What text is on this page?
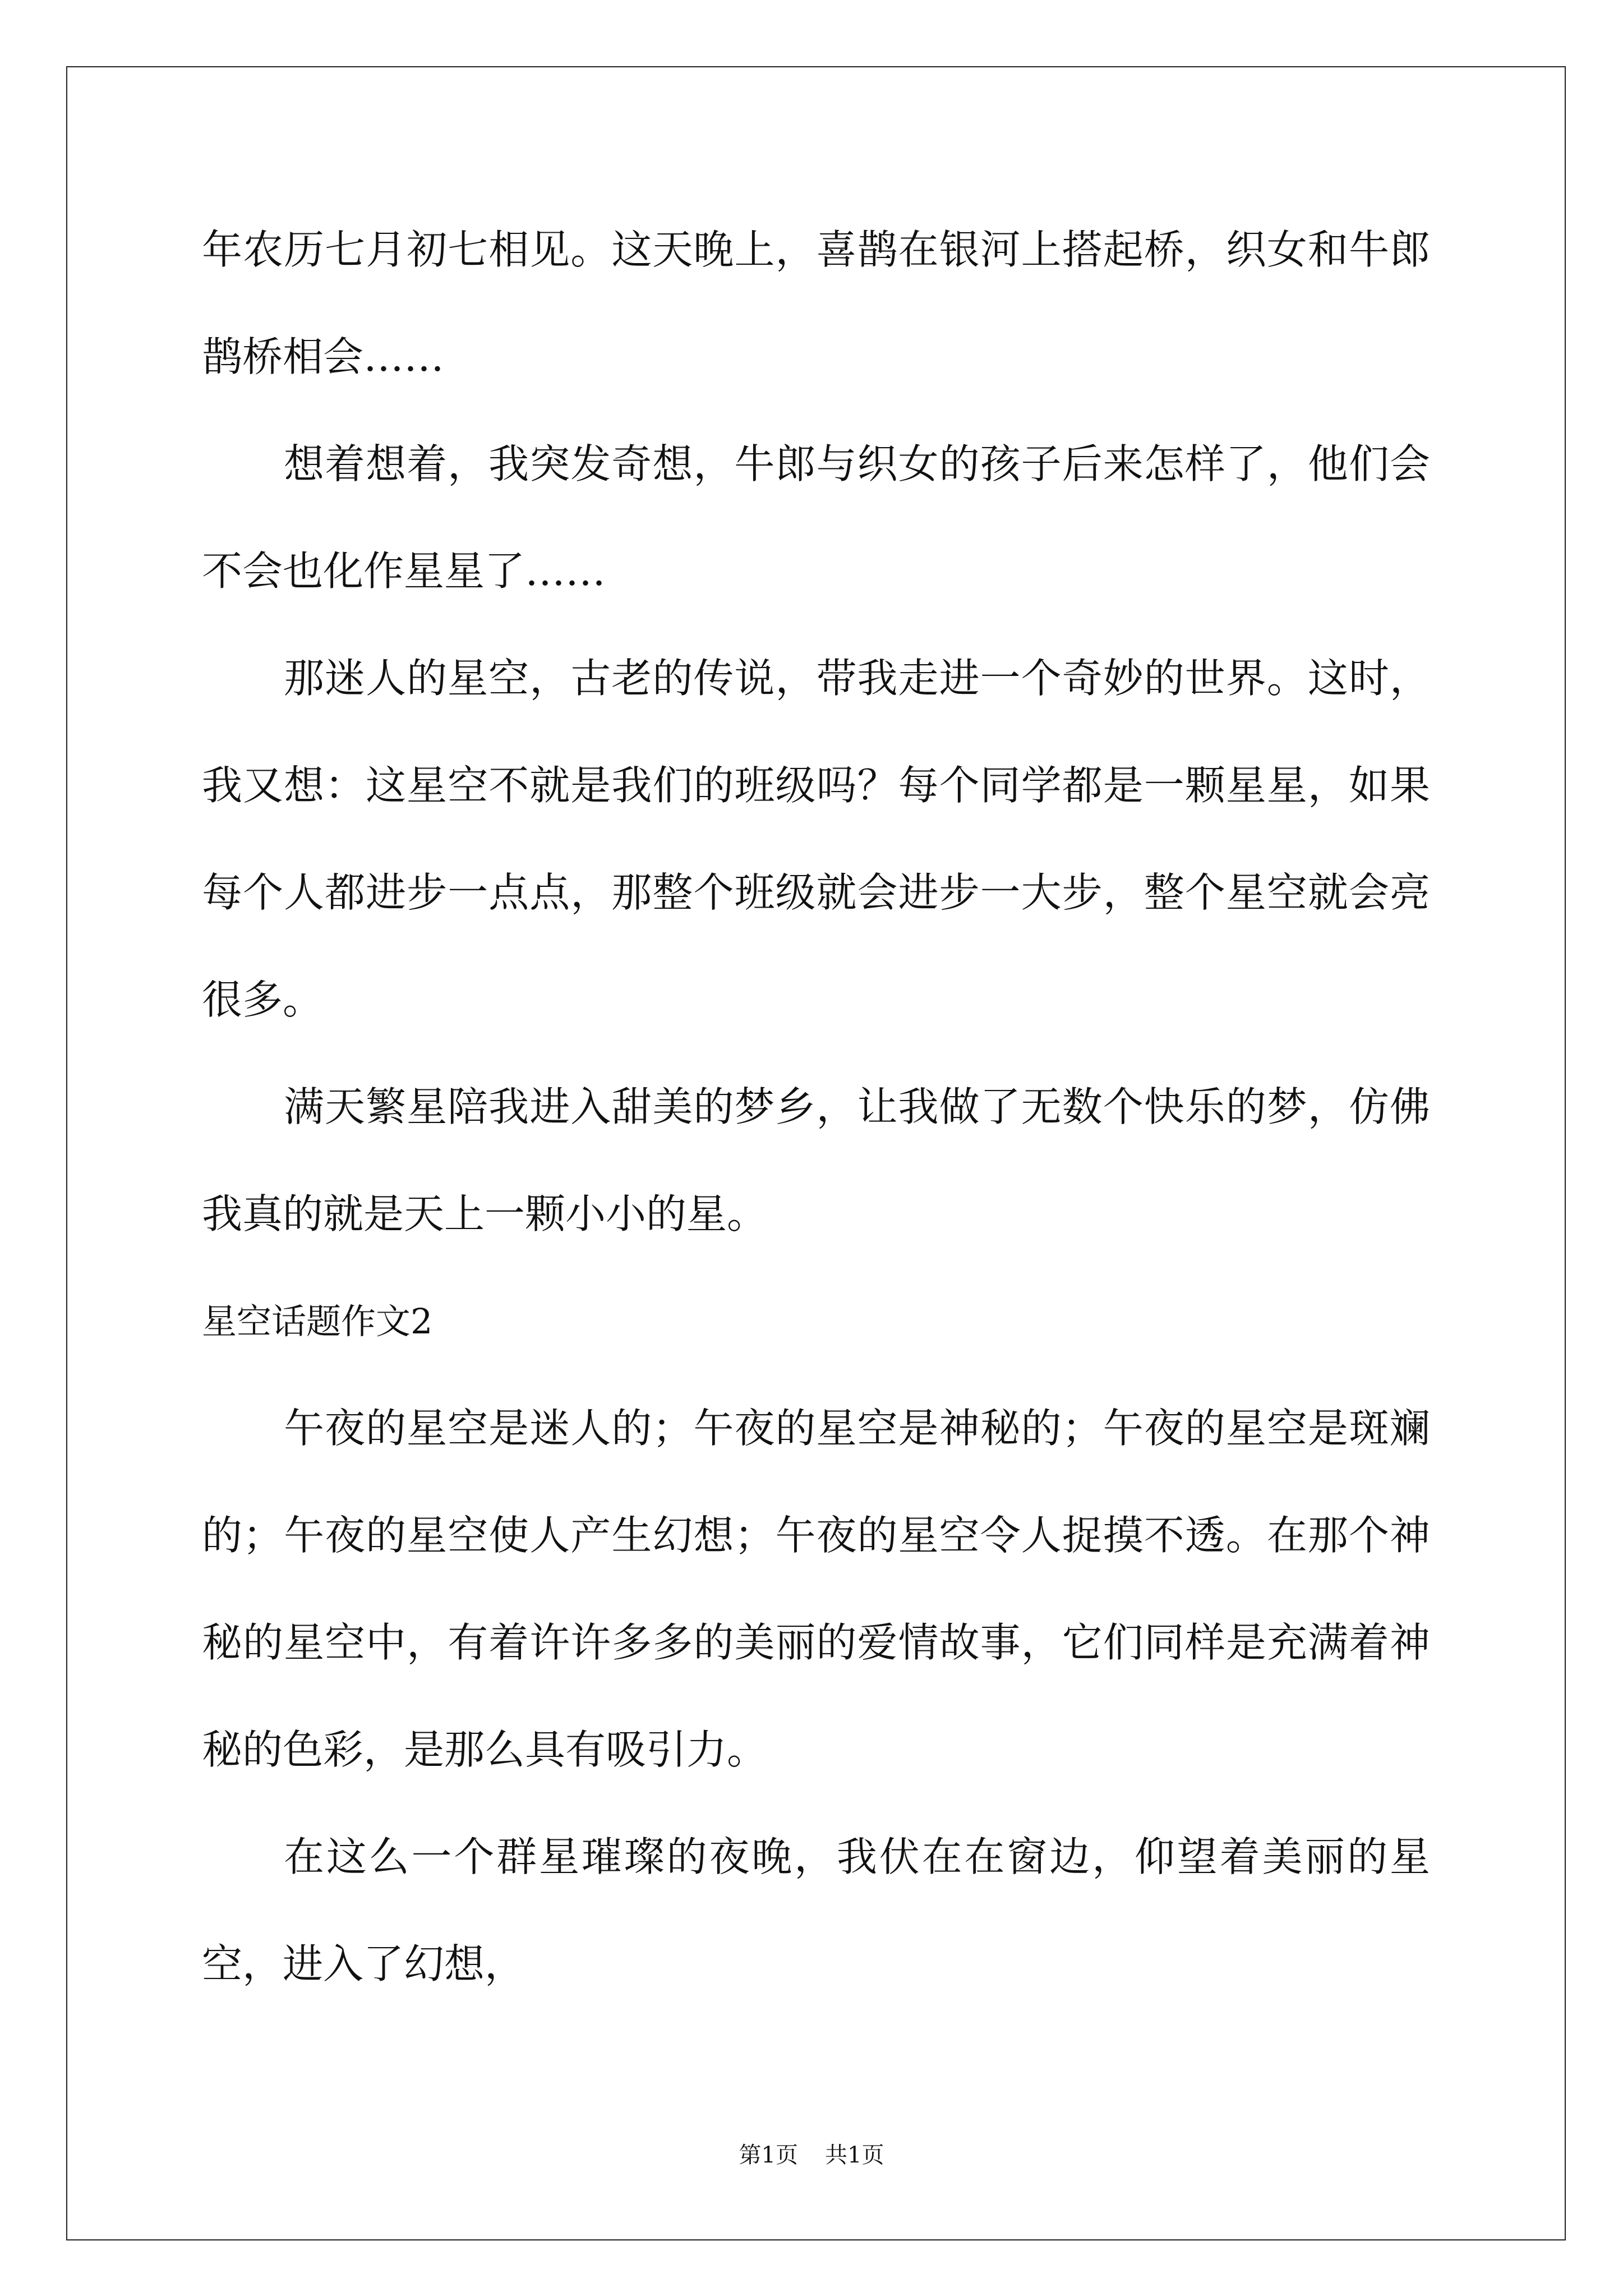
年农历七月初七相见。这天晚上，喜鹊在银河上搭起桥，织女和牛郎
鹊桥相会……
想着想着，我突发奇想，牛郎与织女的孩子后来怎样了，他们会
不会也化作星星了……
那迷人的星空，古老的传说，带我走进一个奇妙的世界。这时，
我又想：这星空不就是我们的班级吗？每个同学都是一颗星星，如果
每个人都进步一点点，那整个班级就会进步一大步，整个星空就会亮
很多。
满天繁星陪我进入甜美的梦乡，让我做了无数个快乐的梦，仿佛
我真的就是天上一颗小小的星。
星空话题作文2
午夜的星空是迷人的；午夜的星空是神秘的；午夜的星空是斑斓
的；午夜的星空使人产生幻想；午夜的星空令人捉摸不透。在那个神
秘的星空中，有着许许多多的美丽的爱情故事，它们同样是充满着神
秘的色彩，是那么具有吸引力。
在这么一个群星璀璨的夜晚，我伏在在窗边，仰望着美丽的星
空，进入了幻想，
第1页 共1页
